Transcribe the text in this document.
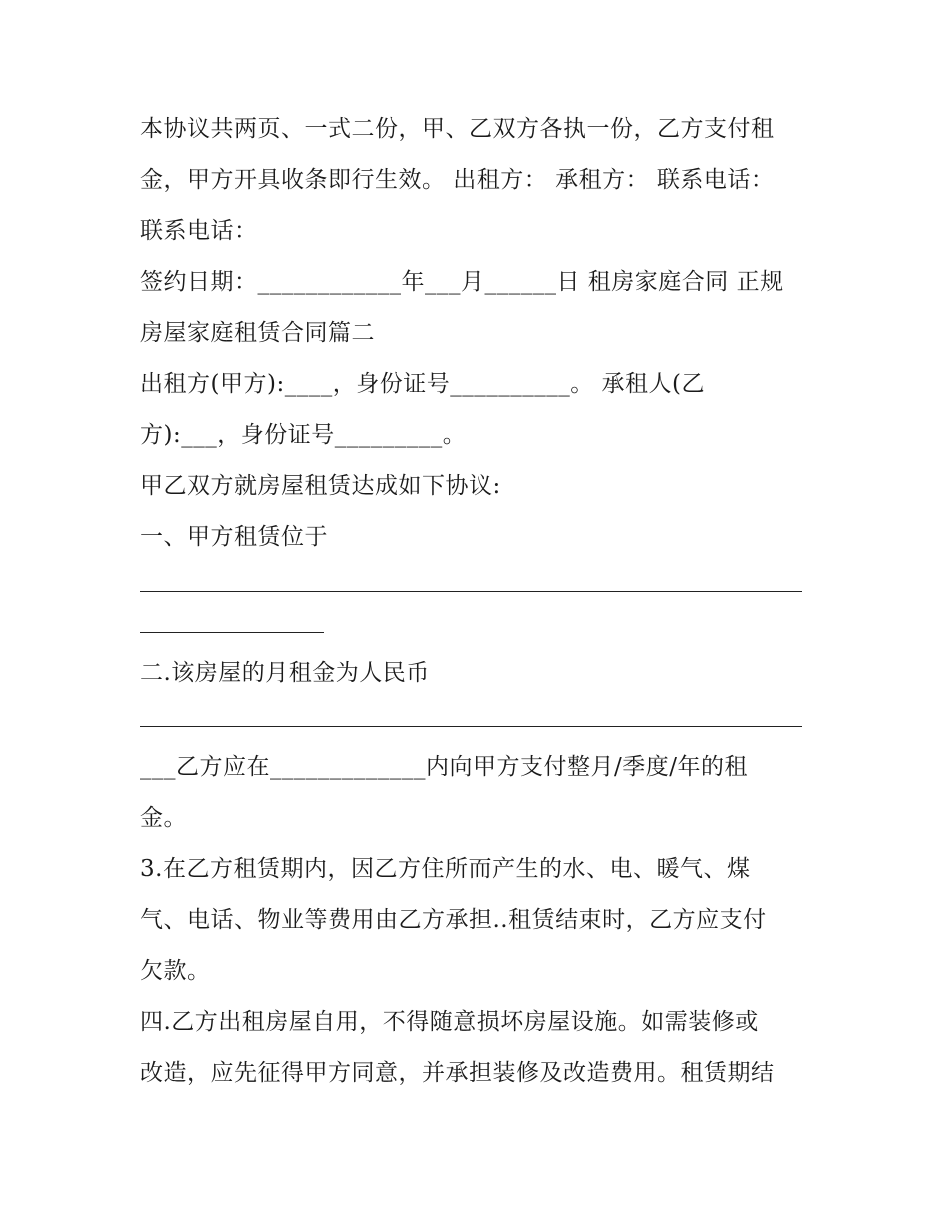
本协议共两页、一式二份，甲、乙双方各执一份，乙方支付租
金，甲方开具收条即行生效。 出租方： 承租方： 联系电话：
联系电话：
签约日期：____________年___月______日 租房家庭合同 正规
房屋家庭租赁合同篇二
出租方(甲方):____，身份证号__________。 承租人(乙
方):___，身份证号_________。
甲乙双方就房屋租赁达成如下协议:
一、甲方租赁位于
二.该房屋的月租金为人民币
___乙方应在_____________内向甲方支付整月/季度/年的租
金。
3.在乙方租赁期内，因乙方住所而产生的水、电、暖气、煤
气、电话、物业等费用由乙方承担..租赁结束时，乙方应支付
欠款。
四.乙方出租房屋自用，不得随意损坏房屋设施。如需装修或
改造，应先征得甲方同意，并承担装修及改造费用。租赁期结
